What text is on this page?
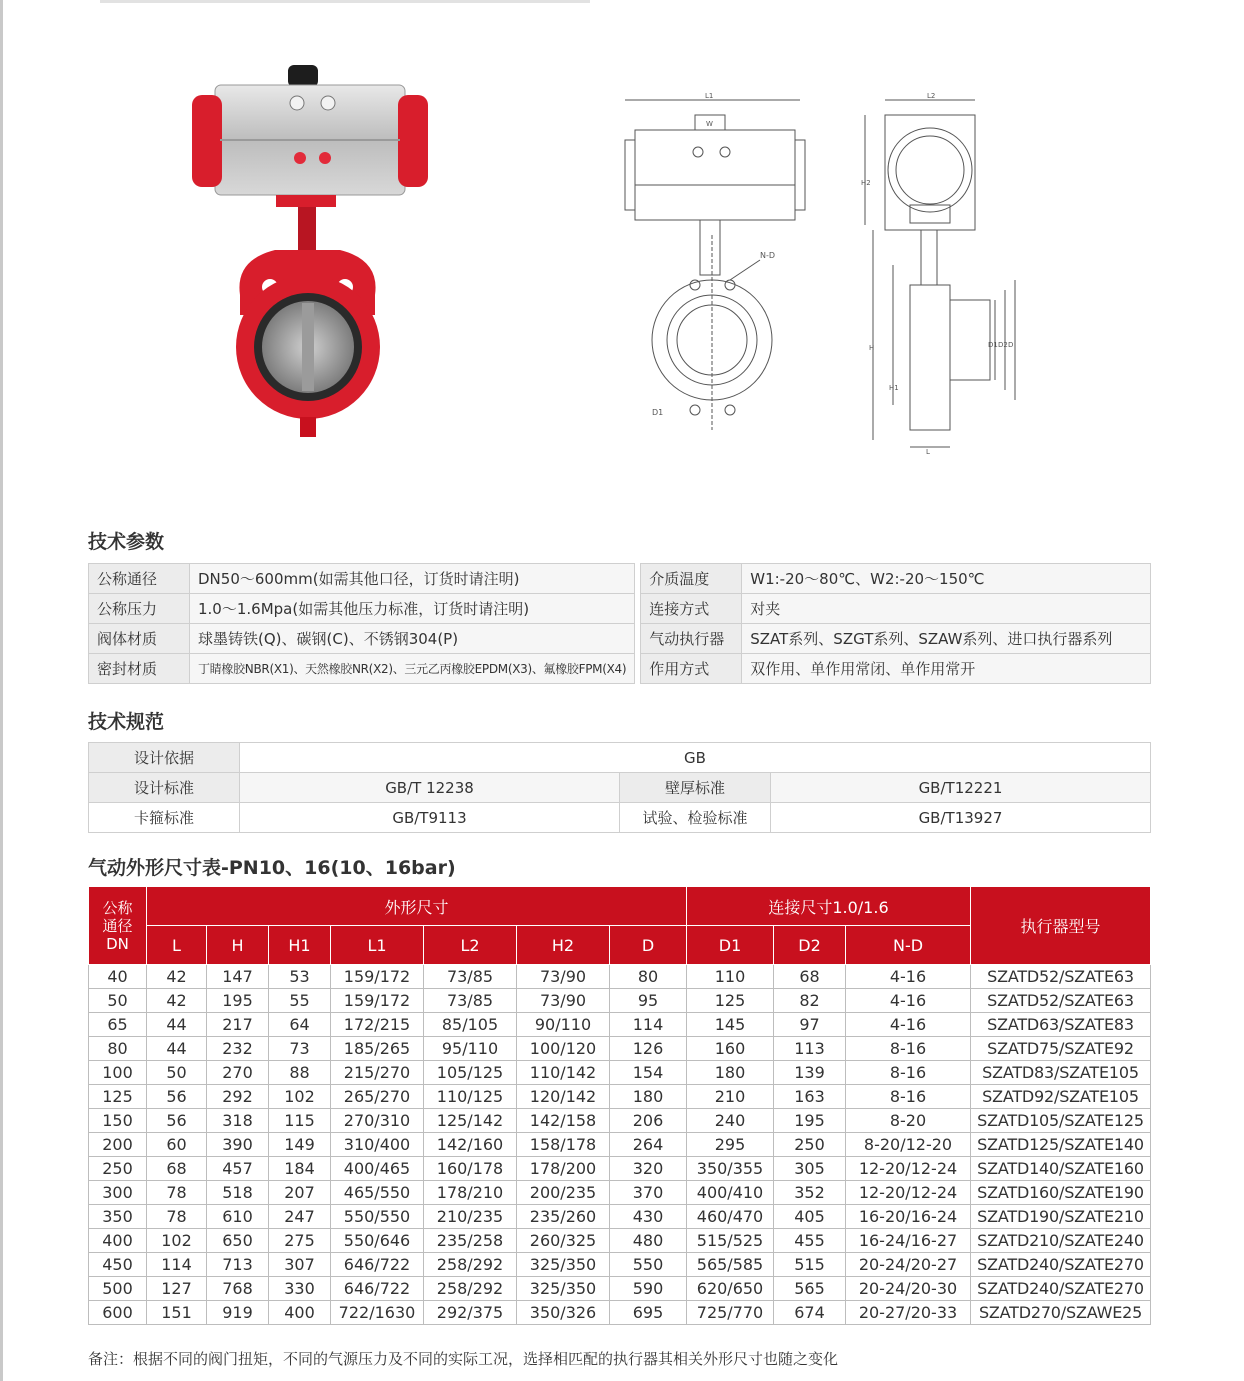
L1
W
N-D
D1
L2
H2
H
H1
D1 D2 D
L
技术参数
公称通径	DN50～600mm(如需其他口径，订货时请注明)		介质温度	W1:-20～80℃、W2:-20～150℃
公称压力	1.0～1.6Mpa(如需其他压力标准，订货时请注明)		连接方式	对夹
阀体材质	球墨铸铁(Q)、碳钢(C)、不锈钢304(P)		气动执行器	SZAT系列、SZGT系列、SZAW系列、进口执行器系列
密封材质	丁睛橡胶NBR(X1)、天然橡胶NR(X2)、三元乙丙橡胶EPDM(X3)、氟橡胶FPM(X4)		作用方式	双作用、单作用常闭、单作用常开
技术规范
设计依据	GB		
设计标准	GB/T 12238	壁厚标准	GB/T12221
卡箍标准	GB/T9113	试验、检验标准	GB/T13927
气动外形尺寸表-PN10、16(10、16bar)
公称
通径
DN	外形尺寸							连接尺寸1.0/1.6			执行器型号
	L	H	H1	L1	L2	H2	D	D1	D2	N-D	
40	42	147	53	159/172	73/85	73/90	80	110	68	4-16	SZATD52/SZATE63
50	42	195	55	159/172	73/85	73/90	95	125	82	4-16	SZATD52/SZATE63
65	44	217	64	172/215	85/105	90/110	114	145	97	4-16	SZATD63/SZATE83
80	44	232	73	185/265	95/110	100/120	126	160	113	8-16	SZATD75/SZATE92
100	50	270	88	215/270	105/125	110/142	154	180	139	8-16	SZATD83/SZATE105
125	56	292	102	265/270	110/125	120/142	180	210	163	8-16	SZATD92/SZATE105
150	56	318	115	270/310	125/142	142/158	206	240	195	8-20	SZATD105/SZATE125
200	60	390	149	310/400	142/160	158/178	264	295	250	8-20/12-20	SZATD125/SZATE140
250	68	457	184	400/465	160/178	178/200	320	350/355	305	12-20/12-24	SZATD140/SZATE160
300	78	518	207	465/550	178/210	200/235	370	400/410	352	12-20/12-24	SZATD160/SZATE190
350	78	610	247	550/550	210/235	235/260	430	460/470	405	16-20/16-24	SZATD190/SZATE210
400	102	650	275	550/646	235/258	260/325	480	515/525	455	16-24/16-27	SZATD210/SZATE240
450	114	713	307	646/722	258/292	325/350	550	565/585	515	20-24/20-27	SZATD240/SZATE270
500	127	768	330	646/722	258/292	325/350	590	620/650	565	20-24/20-30	SZATD240/SZATE270
600	151	919	400	722/1630	292/375	350/326	695	725/770	674	20-27/20-33	SZATD270/SZAWE25

备注：根据不同的阀门扭矩，不同的气源压力及不同的实际工况，选择相匹配的执行器其相关外形尺寸也随之变化
